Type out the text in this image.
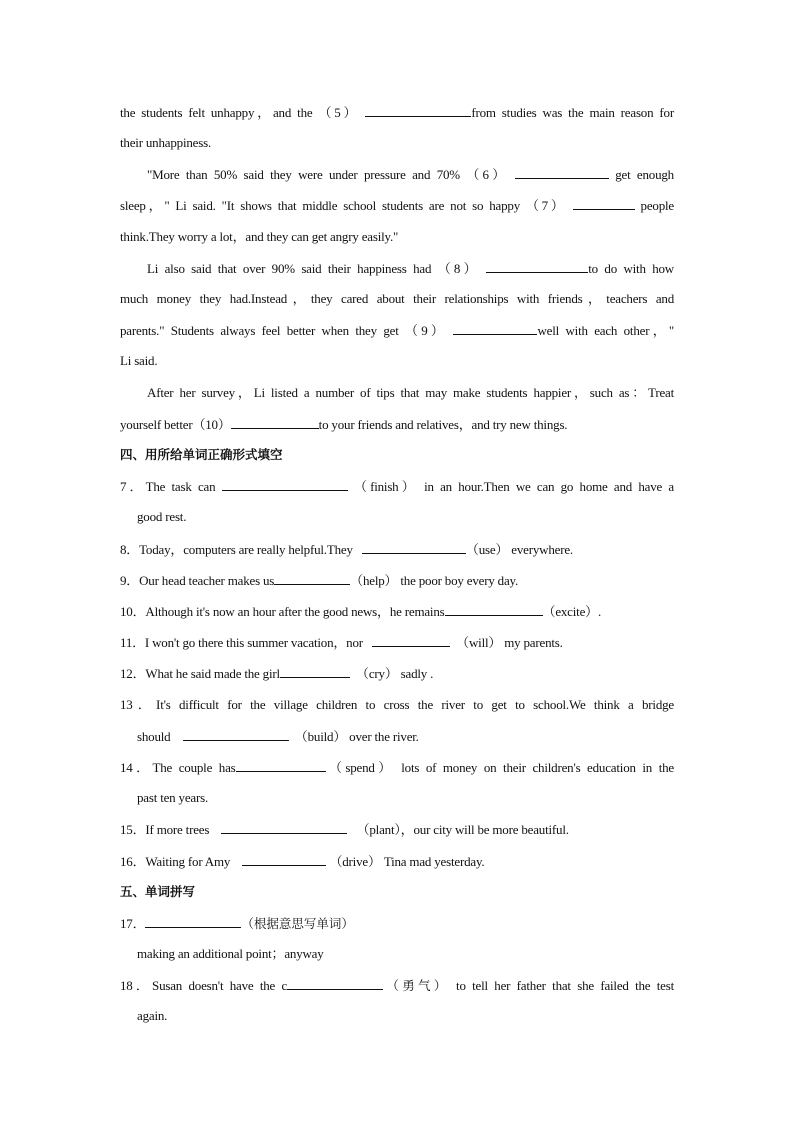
the students felt unhappy，and the （5）	from studies was the main reason for
their unhappiness.
"More than 50% said they were under pressure and 70% （6）	get enough
sleep，" Li said. "It shows that middle school students are not so happy （7）	people
think.They worry a lot，and they can get angry easily."
Li also said that over 90% said their happiness had （8）	to do with how
much money they had.Instead，they cared about their relationships with friends，teachers and
parents." Students always feel better when they get （9）	well with each other，"
Li said.
After her survey，Li listed a number of tips that may make students happier，such as：Treat
yourself better（10）	to your friends and relatives，and try new things.
四、用所给单词正确形式填空
7．The task can	（finish） in an hour.Then we can go home and have a
good rest.
8．Today，computers are really helpful.They	（use） everywhere.
9．Our head teacher makes us	（help） the poor boy every day.
10．Although it's now an hour after the good news，he remains	（excite）.
11．I won't go there this summer vacation，nor	（will） my parents.
12．What he said made the girl	（cry） sadly .
13．It's difficult for the village children to cross the river to get to school.We think a bridge
should	（build） over the river.
14．The couple has	（spend） lots of money on their children's education in the
past ten years.
15．If more trees	（plant），our city will be more beautiful.
16．Waiting for Amy	（drive） Tina mad yesterday.
五、单词拼写
17．	（根据意思写单词）
making an additional point；anyway
18．Susan doesn't have the c	（勇气） to tell her father that she failed the test
again.
